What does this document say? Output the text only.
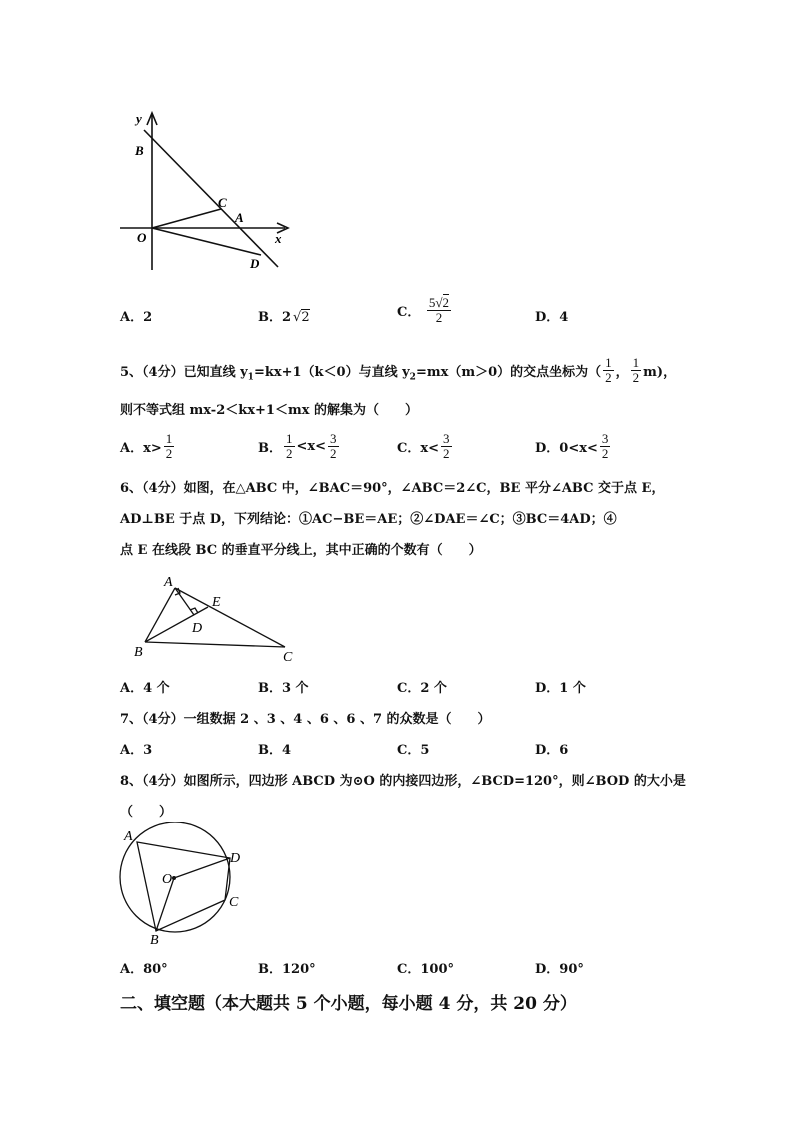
y
x
B
C
A
O
D
A．2	B．2 √2	C． $\frac{5√2}{2}$	D．4
5、（4分）已知直线 $y_1=kx+1(k<0)$与直线 $y_2=mx(m>0)$的交点坐标为（ $\frac{1}{2}$ ， $\frac{1}{2} m$)，
则不等式组 mx-2＜kx+1＜mx 的解集为（　　）
A．$x> \frac{1}{2}$	B． $\frac{1}{2} <x< \frac{3}{2}$	C．$x< \frac{3}{2}$	D．$0<x< \frac{3}{2}$
6、（4分）如图，在△ABC 中，∠BAC＝90°，∠ABC＝2∠C，BE 平分∠ABC 交于点 E，
AD⊥BE 于点 D，下列结论：①AC−BE＝AE；②∠DAE＝∠C；③BC＝4AD；④
点 E 在线段 BC 的垂直平分线上，其中正确的个数有（　　）
A
E
D
B	C
A．4 个	B．3 个	C．2 个	D．1 个
7、（4分）一组数据 2 、3 、4 、6 、6 、7 的众数是（　　）
A．3	B．4	C．5	D．6
8、（4分）如图所示，四边形 ABCD 为⊙O 的内接四边形，∠BCD=120°，则∠BOD 的大小是
（　　）
A
D
O
C
B
A．80°	B．120°	C．100°	D．90°
二、填空题（本大题共 5 个小题，每小题 4 分，共 20 分）
